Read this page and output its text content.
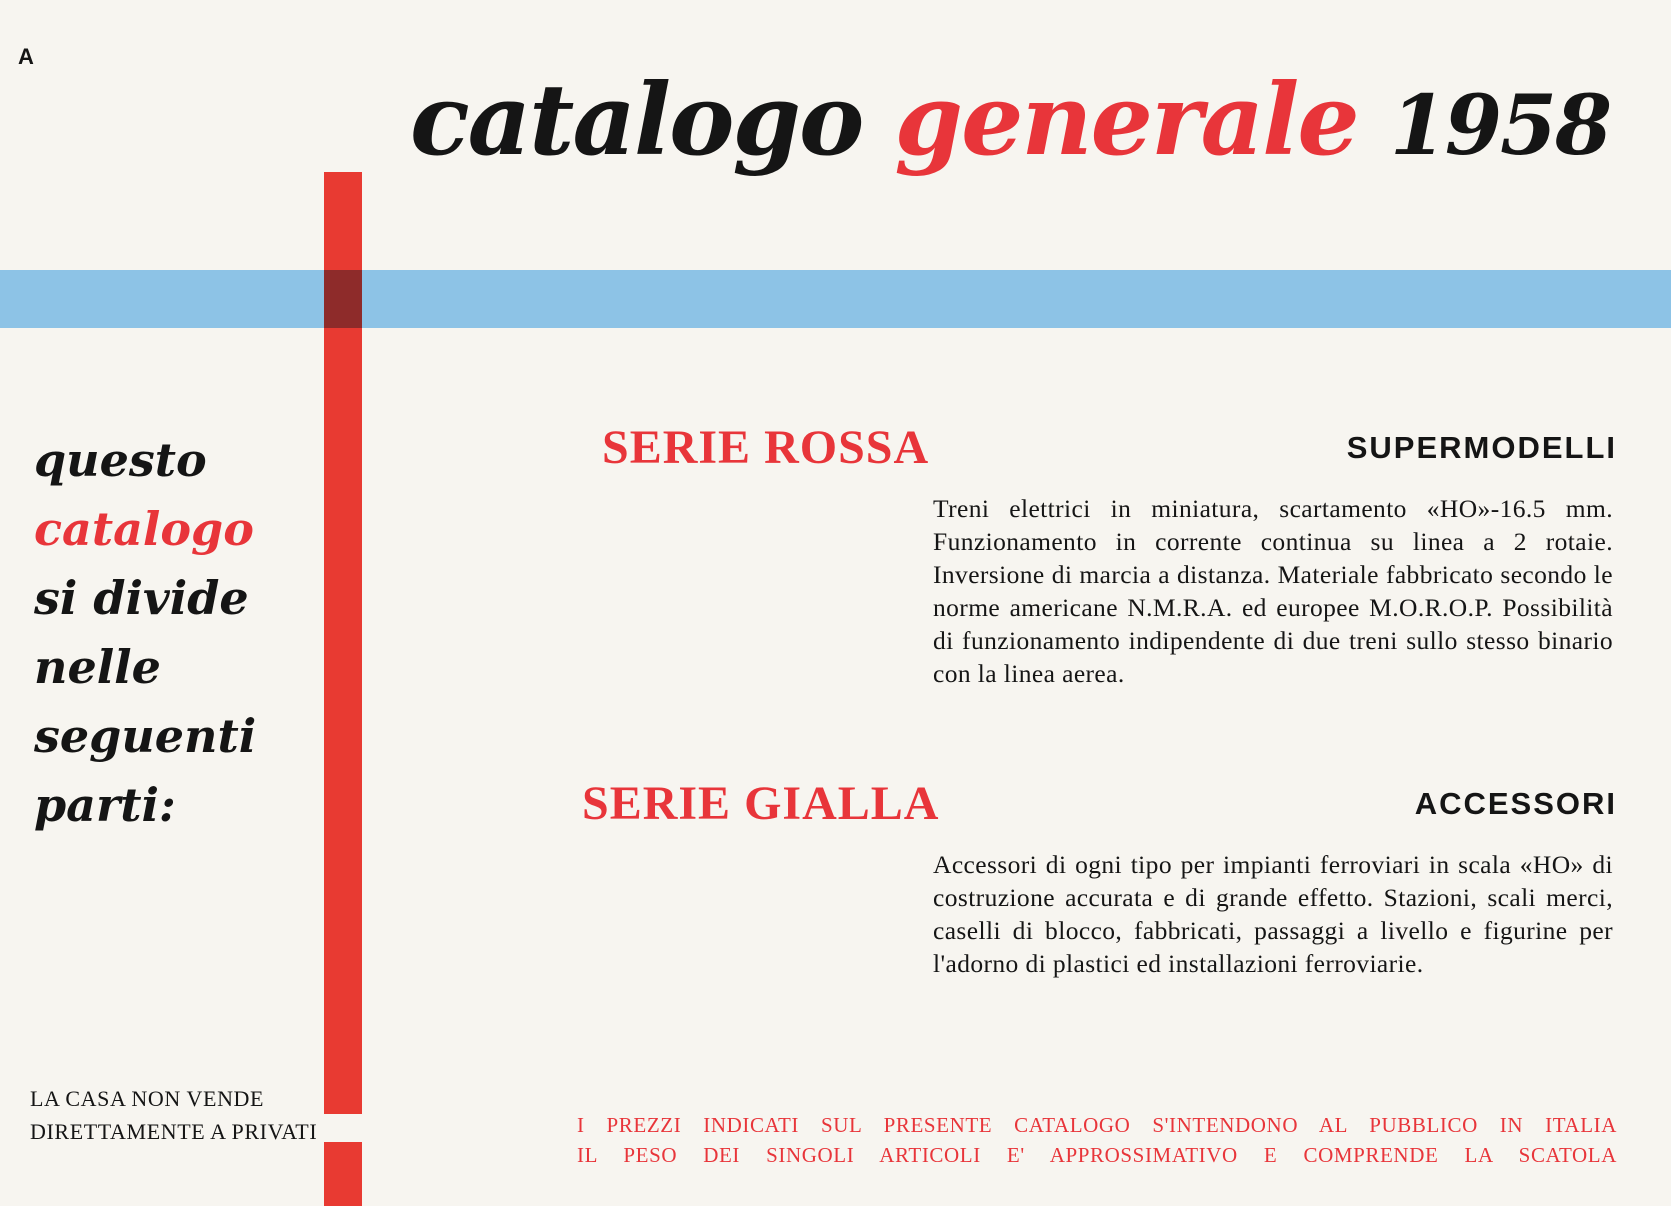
A
catalogo generale 1958
questo
catalogo
si divide
nelle
seguenti
parti:
SERIE ROSSA	SUPERMODELLI
Treni elettrici in miniatura, scartamento «HO»-16.5 mm. Funzionamento in corrente continua su linea a 2 rotaie. Inversione di marcia a distanza. Materiale fabbricato secondo le norme americane N.M.R.A. ed europee M.O.R.O.P. Possibilità di funzionamento indipendente di due treni sullo stesso binario con la linea aerea.
SERIE GIALLA	ACCESSORI
Accessori di ogni tipo per impianti ferroviari in scala «HO» di costruzione accurata e di grande effetto. Stazioni, scali merci, caselli di blocco, fabbricati, passaggi a livello e figurine per l'adorno di plastici ed installazioni ferroviarie.
LA CASA NON VENDE
DIRETTAMENTE A PRIVATI	I PREZZI INDICATI SUL PRESENTE CATALOGO S'INTENDONO AL PUBBLICO IN ITALIA
IL PESO DEI SINGOLI ARTICOLI E' APPROSSIMATIVO E COMPRENDE LA SCATOLA
